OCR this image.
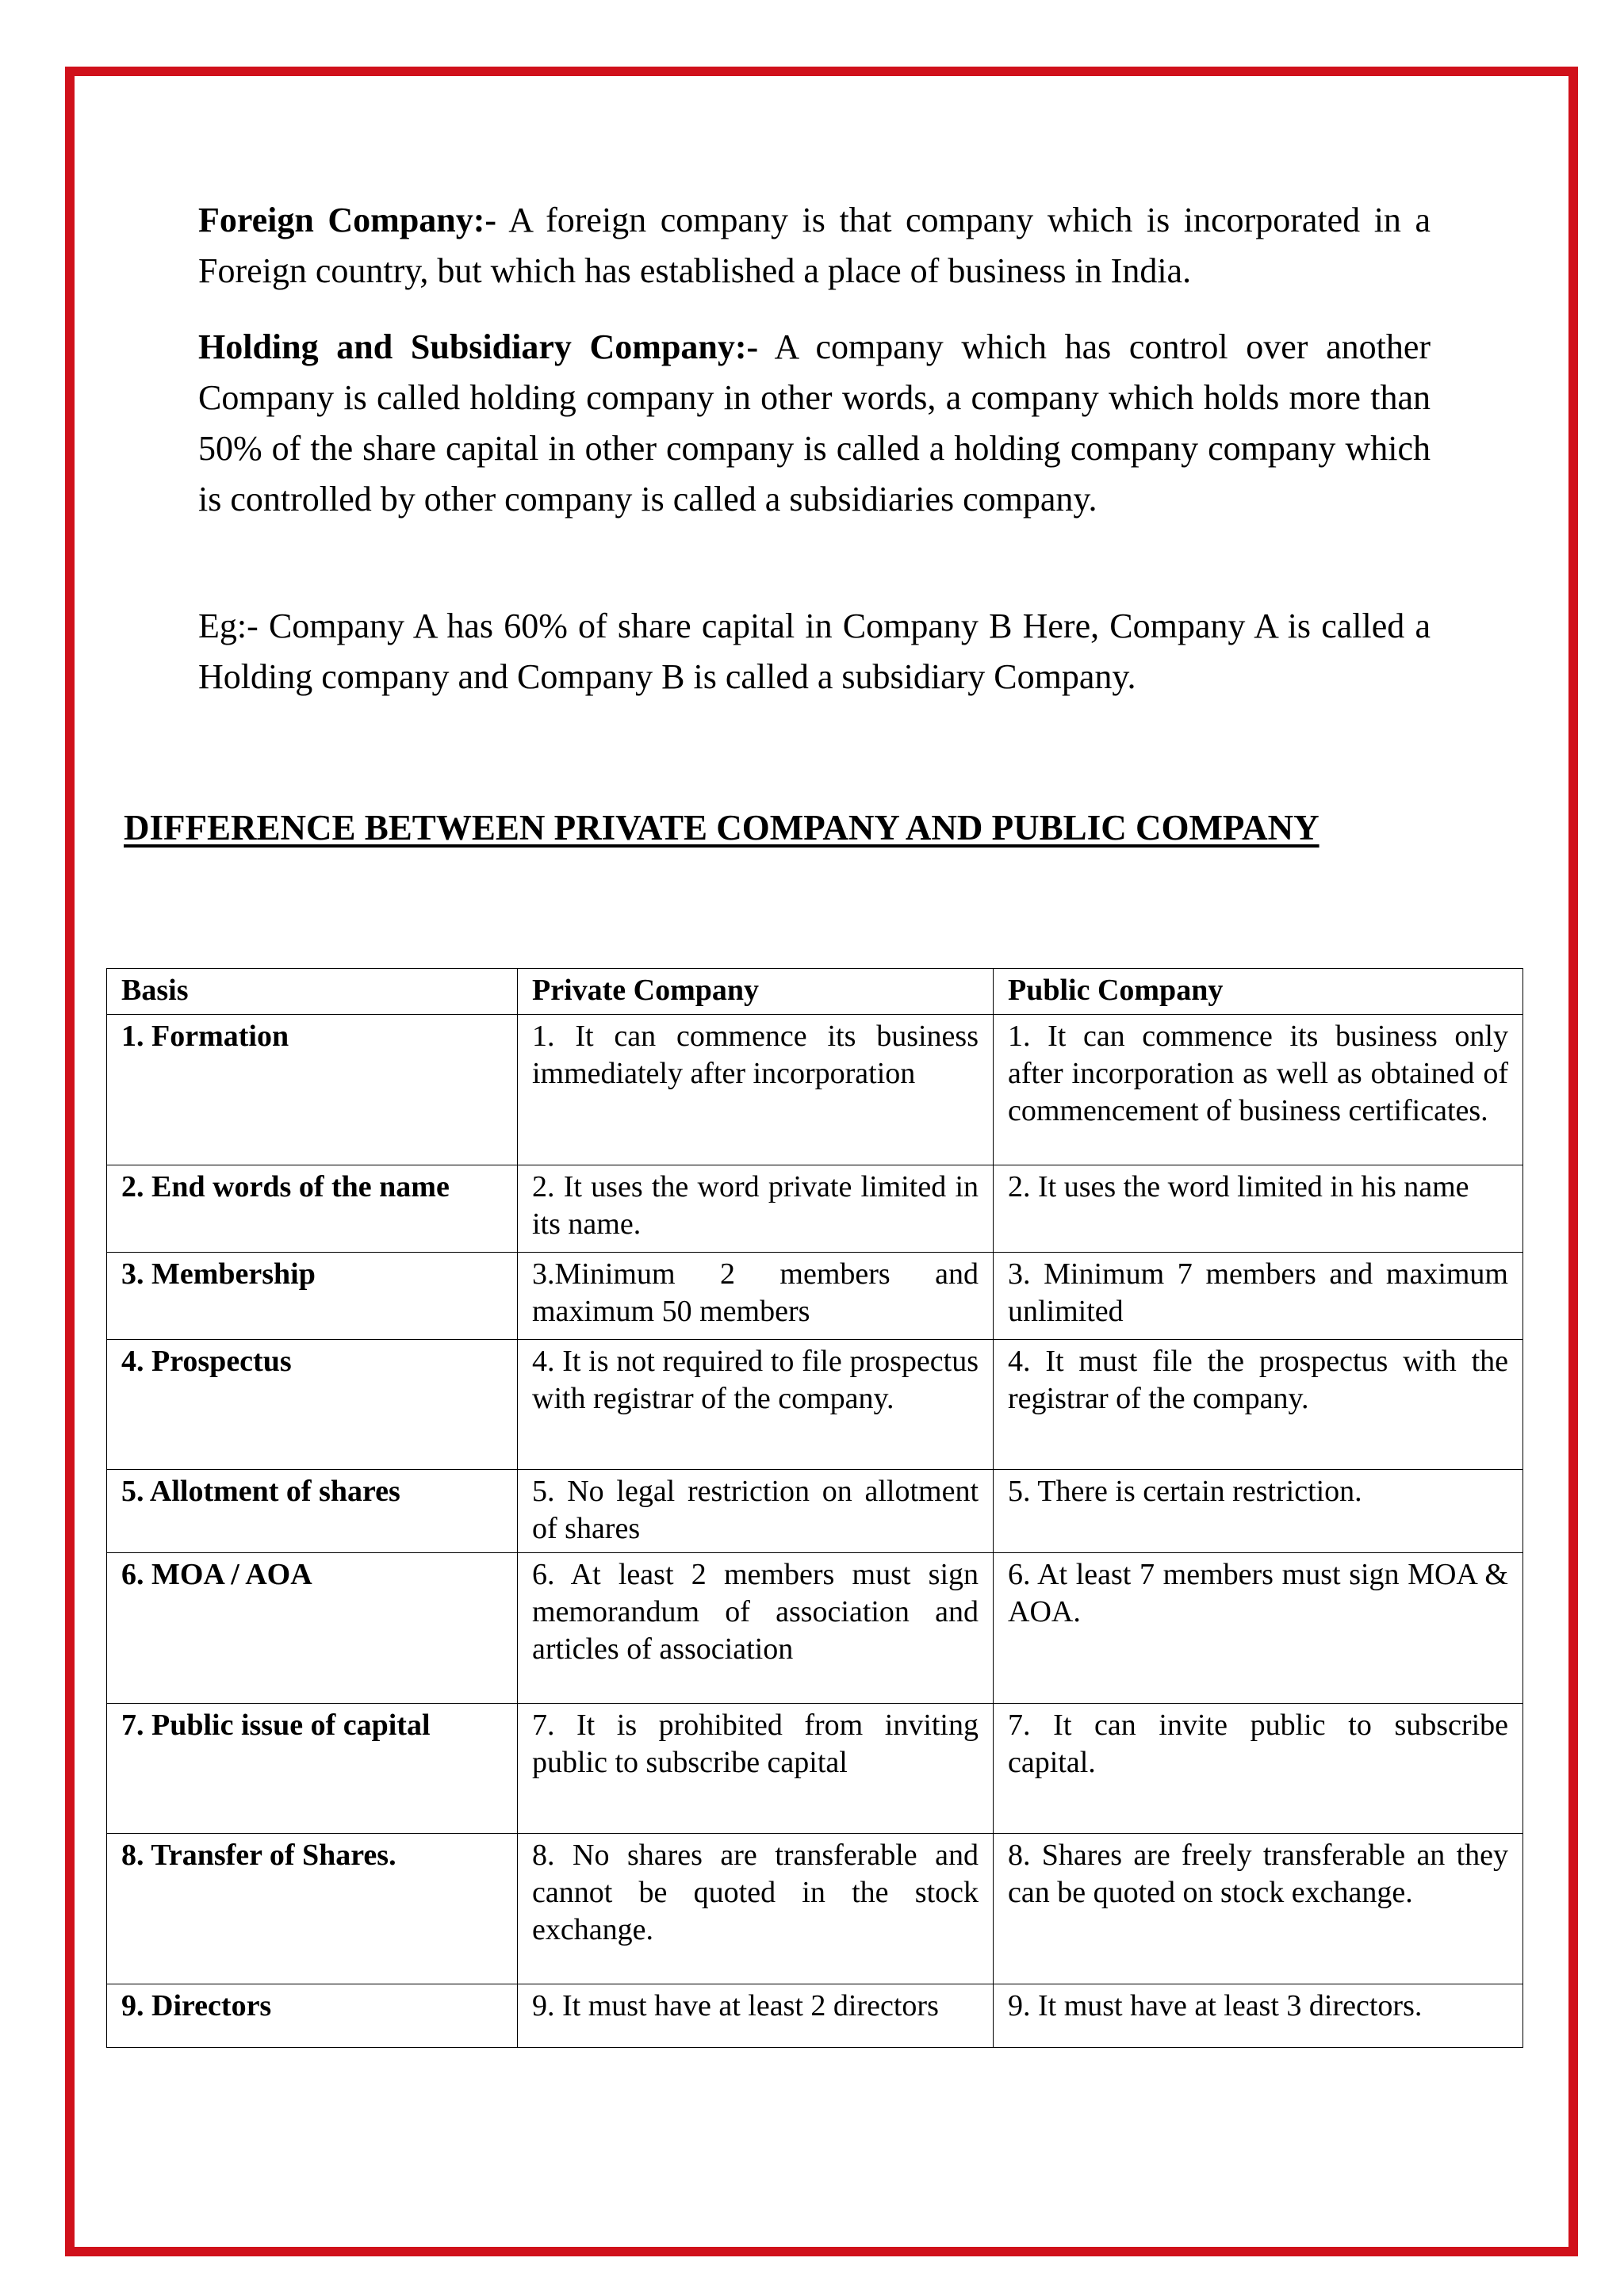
Foreign Company:- A foreign company is that company which is incorporated in a Foreign country, but which has established a place of business in India.

Holding and Subsidiary Company:- A company which has control over another Company is called holding company in other words, a company which holds more than 50% of the share capital in other company is called a holding company company which is controlled by other company is called a subsidiaries company.

Eg:- Company A has 60% of share capital in Company B Here, Company A is called a Holding company and Company B is called a subsidiary Company.

DIFFERENCE BETWEEN PRIVATE COMPANY AND PUBLIC COMPANY
Basis	Private Company	Public Company
1. Formation	1. It can commence its business immediately after incorporation	1. It can commence its business only after incorporation as well as obtained of commencement of business certificates.
2. End words of the name	2. It uses the word private limited in its name.	2. It uses the word limited in his name
3. Membership	3.Minimum 2 members and maximum 50 members	3. Minimum 7 members and maximum unlimited
4. Prospectus	4. It is not required to file prospectus with registrar of the company.	4. It must file the prospectus with the registrar of the company.
5. Allotment of shares	5. No legal restriction on allotment of shares	5. There is certain restriction.
6. MOA / AOA	6. At least 2 members must sign memorandum of association and articles of association	6. At least 7 members must sign MOA & AOA.
7. Public issue of capital	7. It is prohibited from inviting public to subscribe capital	7. It can invite public to subscribe capital.
8. Transfer of Shares.	8. No shares are transferable and cannot be quoted in the stock exchange.	8. Shares are freely transferable an they can be quoted on stock exchange.
9. Directors	9. It must have at least 2 directors	9. It must have at least 3 directors.
